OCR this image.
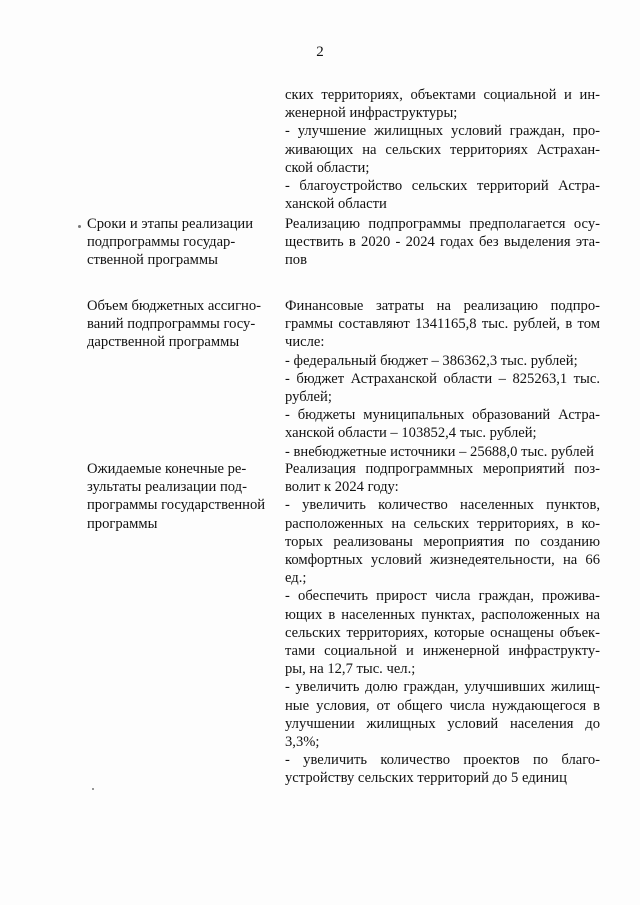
2
ских территориях, объектами социальной и ин-
женерной инфраструктуры;
- улучшение жилищных условий граждан, про-
живающих на сельских территориях Астрахан-
ской области;
- благоустройство сельских территорий Астра-
ханской области
Сроки и этапы реализации
подпрограммы государ-
ственной программы
Реализацию подпрограммы предполагается осу-
ществить в 2020 - 2024 годах без выделения эта-
пов
Объем бюджетных ассигно-
ваний подпрограммы госу-
дарственной программы
Финансовые затраты на реализацию подпро-
граммы составляют 1341165,8 тыс. рублей, в том
числе:
- федеральный бюджет – 386362,3 тыс. рублей;
- бюджет Астраханской области – 825263,1 тыс.
рублей;
- бюджеты муниципальных образований Астра-
ханской области – 103852,4 тыс. рублей;
- внебюджетные источники – 25688,0 тыс. рублей
Ожидаемые конечные ре-
зультаты реализации под-
программы государственной
программы
Реализация подпрограммных мероприятий поз-
волит к 2024 году:
- увеличить количество населенных пунктов,
расположенных на сельских территориях, в ко-
торых реализованы мероприятия по созданию
комфортных условий жизнедеятельности, на 66
ед.;
- обеспечить прирост числа граждан, прожива-
ющих в населенных пунктах, расположенных на
сельских территориях, которые оснащены объек-
тами социальной и инженерной инфраструкту-
ры, на 12,7 тыс. чел.;
- увеличить долю граждан, улучшивших жилищ-
ные условия, от общего числа нуждающегося в
улучшении жилищных условий населения до
3,3%;
- увеличить количество проектов по благо-
устройству сельских территорий до 5 единиц
